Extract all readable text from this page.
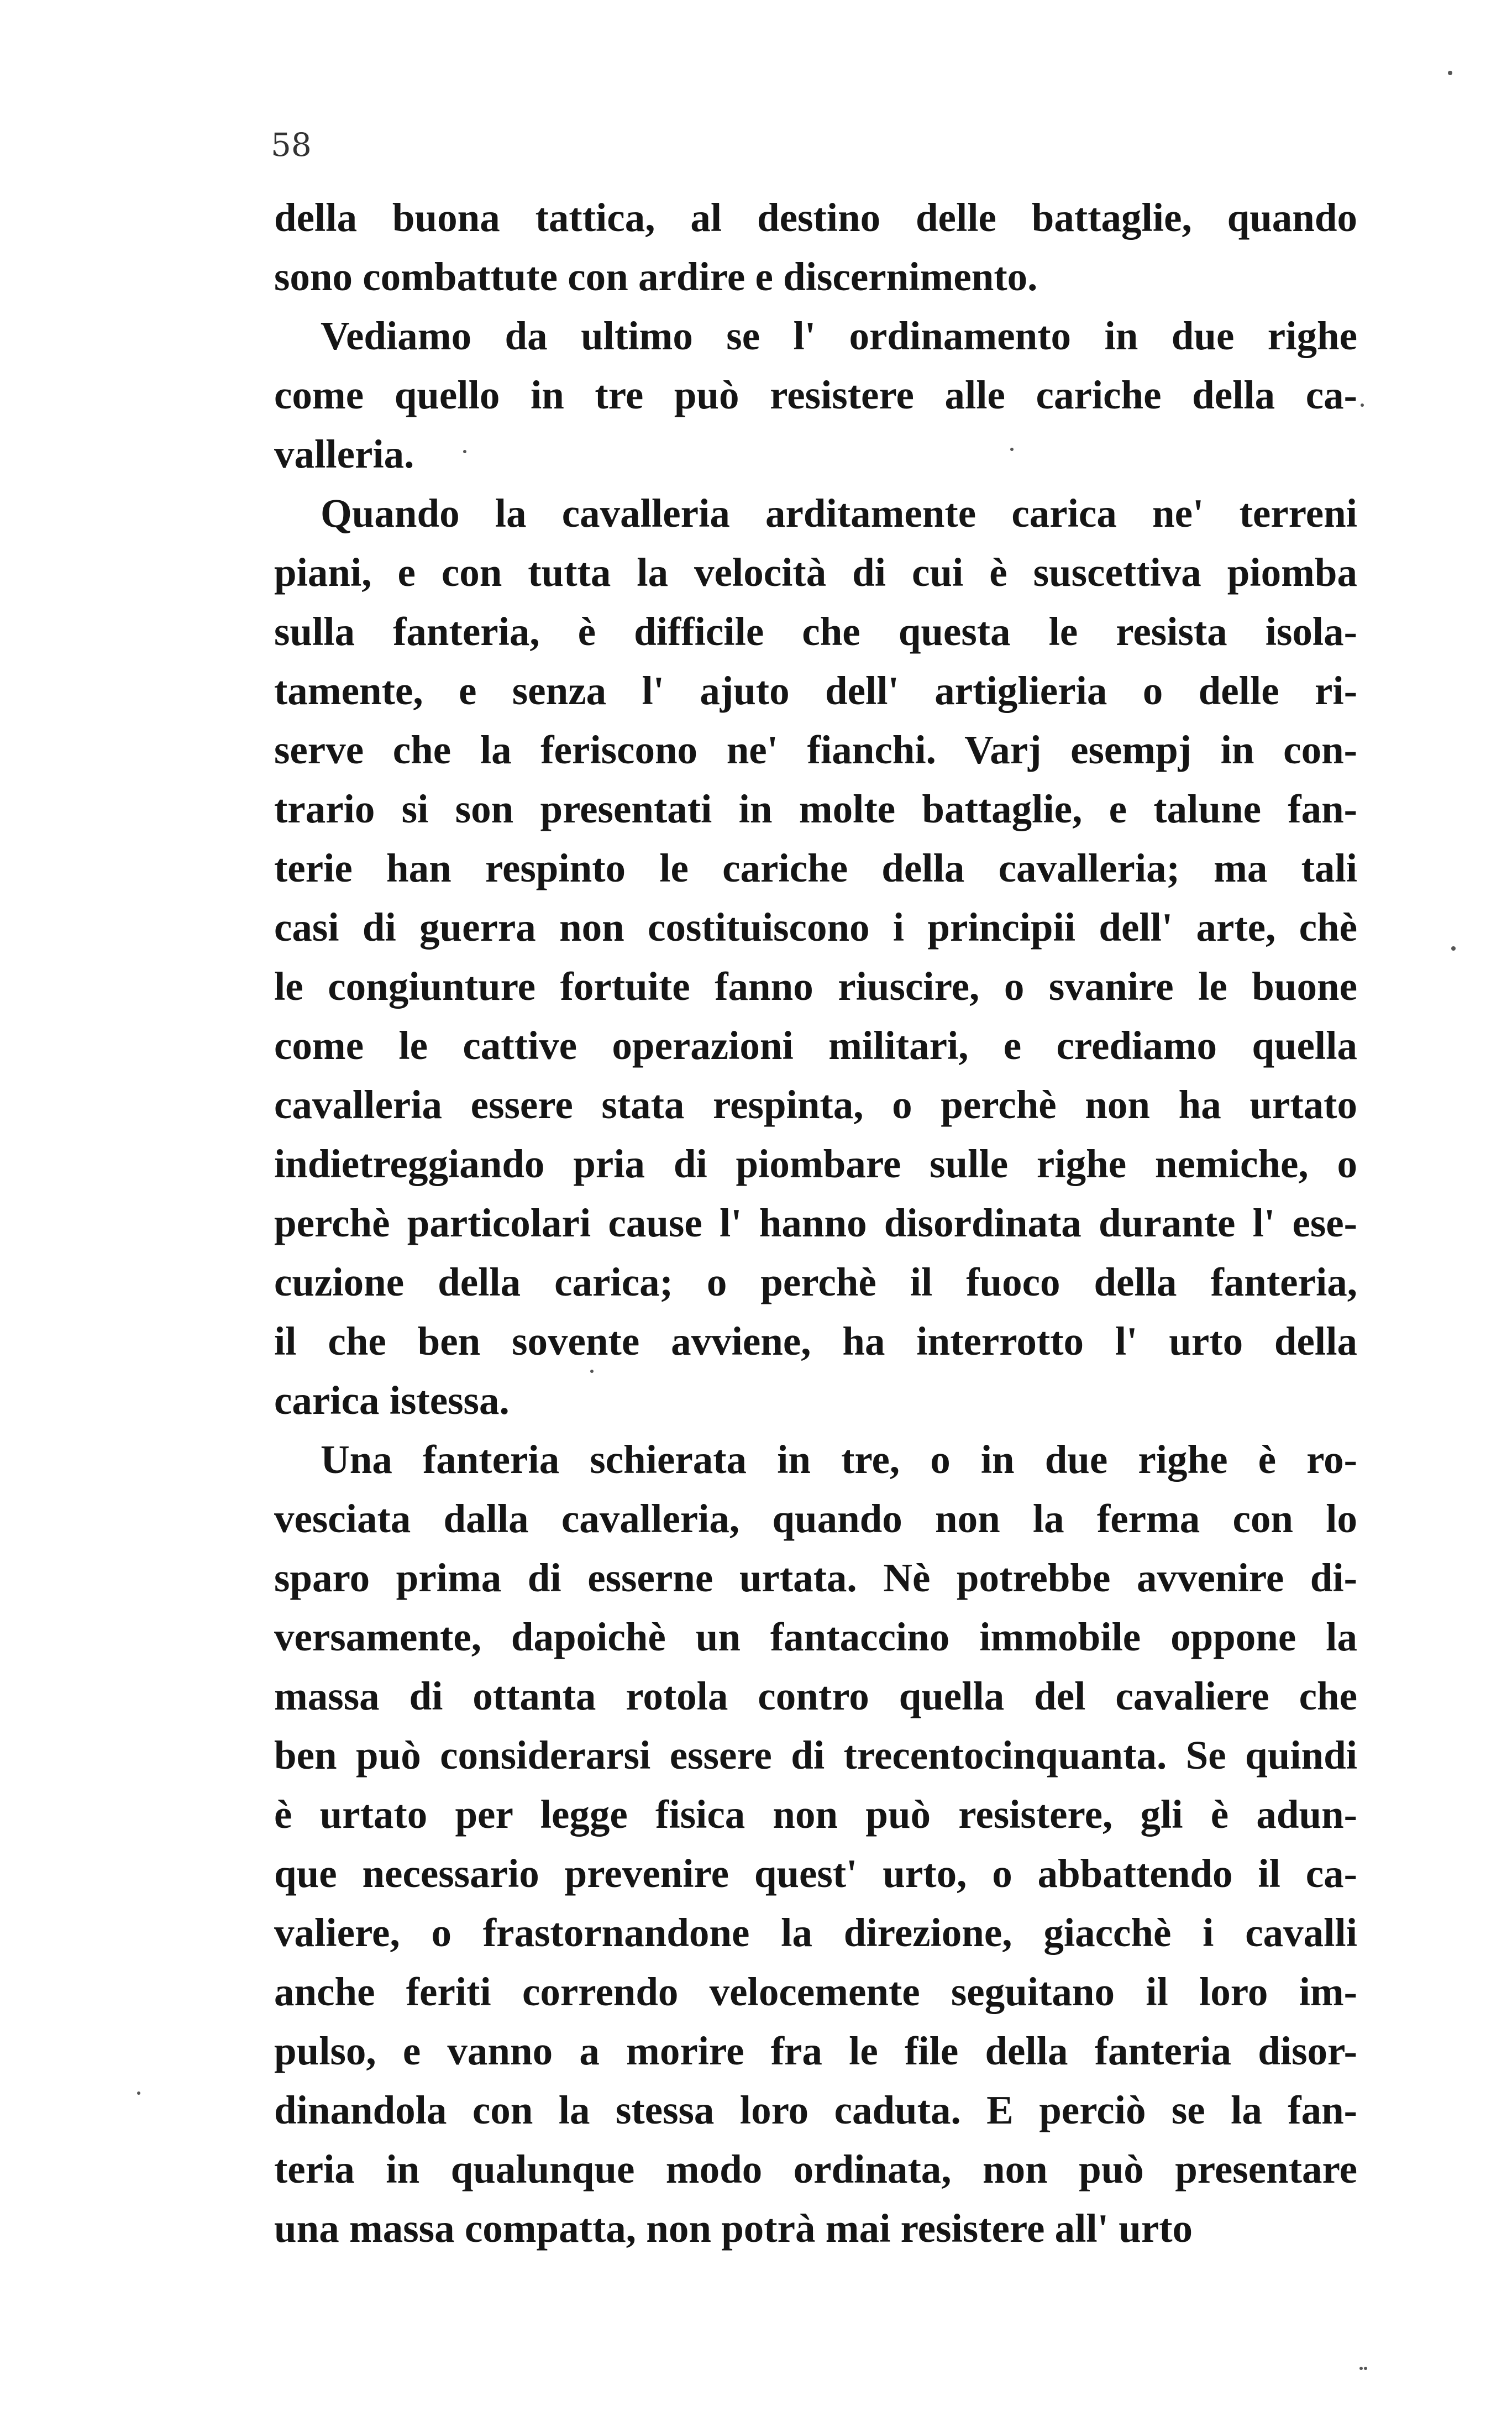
58
della buona tattica, al destino delle battaglie, quando
sono combattute con ardire e discernimento.
Vediamo da ultimo se l' ordinamento in due righe
come quello in tre può resistere alle cariche della ca-
valleria.
Quando la cavalleria arditamente carica ne' terreni
piani, e con tutta la velocità di cui è suscettiva piomba
sulla fanteria, è difficile che questa le resista isola-
tamente, e senza l' ajuto dell' artiglieria o delle ri-
serve che la feriscono ne' fianchi. Varj esempj in con-
trario si son presentati in molte battaglie, e talune fan-
terie han respinto le cariche della cavalleria; ma tali
casi di guerra non costituiscono i principii dell' arte, chè
le congiunture fortuite fanno riuscire, o svanire le buone
come le cattive operazioni militari, e crediamo quella
cavalleria essere stata respinta, o perchè non ha urtato
indietreggiando pria di piombare sulle righe nemiche, o
perchè particolari cause l' hanno disordinata durante l' ese-
cuzione della carica; o perchè il fuoco della fanteria,
il che ben sovente avviene, ha interrotto l' urto della
carica istessa.
Una fanteria schierata in tre, o in due righe è ro-
vesciata dalla cavalleria, quando non la ferma con lo
sparo prima di esserne urtata. Nè potrebbe avvenire di-
versamente, dapoichè un fantaccino immobile oppone la
massa di ottanta rotola contro quella del cavaliere che
ben può considerarsi essere di trecentocinquanta. Se quindi
è urtato per legge fisica non può resistere, gli è adun-
que necessario prevenire quest' urto, o abbattendo il ca-
valiere, o frastornandone la direzione, giacchè i cavalli
anche feriti correndo velocemente seguitano il loro im-
pulso, e vanno a morire fra le file della fanteria disor-
dinandola con la stessa loro caduta. E perciò se la fan-
teria in qualunque modo ordinata, non può presentare
una massa compatta, non potrà mai resistere all' urto
